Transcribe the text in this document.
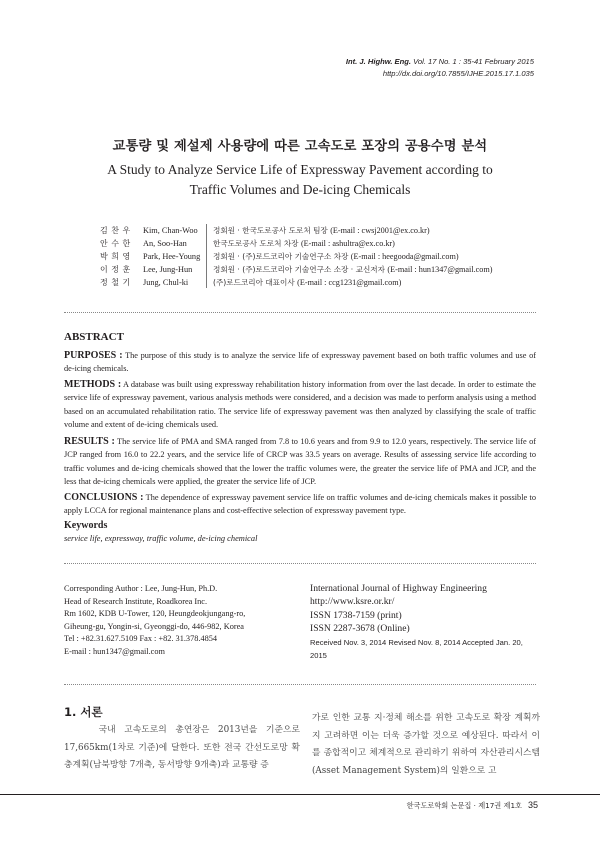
Int. J. Highw. Eng. Vol. 17 No. 1 : 35-41 February 2015
http://dx.doi.org/10.7855/IJHE.2015.17.1.035
교통량 및 제설제 사용량에 따른 고속도로 포장의 공용수명 분석
A Study to Analyze Service Life of Expressway Pavement according to
Traffic Volumes and De-icing Chemicals
김 찬 우 Kim, Chan-Woo 정회원 · 한국도로공사 도로처 팀장 (E-mail : cwsj2001@ex.co.kr)
안 수 한 An, Soo-Han	한국도로공사 도로처 차장 (E-mail : ashultra@ex.co.kr)
박 희 영 Park, Hee-Young 정회원 · (주)로드코리아 기술연구소 차장 (E-mail : heegooda@gmail.com)
이 정 훈 Lee, Jung-Hun	정회원 · (주)로드코리아 기술연구소 소장 · 교신저자 (E-mail : hun1347@gmail.com)
정 철 기 Jung, Chul-ki	(주)로드코리아 대표이사 (E-mail : ccg1231@gmail.com)
ABSTRACT
PURPOSES : The purpose of this study is to analyze the service life of expressway pavement based on both traffic volumes and use of de-icing chemicals.
METHODS : A database was built using expressway rehabilitation history information from over the last decade. In order to estimate the service life of expressway pavement, various analysis methods were considered, and a decision was made to perform analysis using a method based on an accumulated rehabilitation ratio. The service life of expressway pavement was then analyzed by classifying the scale of traffic volume and extent of de-icing chemicals used.
RESULTS : The service life of PMA and SMA ranged from 7.8 to 10.6 years and from 9.9 to 12.0 years, respectively. The service life of JCP ranged from 16.0 to 22.2 years, and the service life of CRCP was 33.5 years on average. Results of assessing service life according to traffic volumes and de-icing chemicals showed that the lower the traffic volumes were, the greater the service life of PMA and JCP, and the less that de-icing chemicals were applied, the greater the service life of JCP.
CONCLUSIONS : The dependence of expressway pavement service life on traffic volumes and de-icing chemicals makes it possible to apply LCCA for regional maintenance plans and cost-effective selection of expressway pavement type.
Keywords
service life, expressway, traffic volume, de-icing chemical
Corresponding Author : Lee, Jung-Hun, Ph.D.
Head of Research Institute, Roadkorea Inc.
Rm 1602, KDB U-Tower, 120, Heungdeokjungang-ro,
Giheung-gu, Yongin-si, Gyeonggi-do, 446-982, Korea
Tel : +82.31.627.5109 Fax : +82. 31.378.4854
E-mail : hun1347@gmail.com
International Journal of Highway Engineering
http://www.ksre.or.kr/
ISSN 1738-7159 (print)
ISSN 2287-3678 (Online)
Received Nov. 3, 2014 Revised Nov. 8, 2014 Accepted Jan. 20, 2015
1. 서론
국내 고속도로의 총연장은 2013년을 기준으로 17,665km(1차로 기준)에 달한다. 또한 전국 간선도로망 확충계획(남북방향 7개축, 동서방향 9개축)과 교통량 증
가로 인한 교통 지·정체 해소를 위한 고속도로 확장 계획까지 고려하면 이는 더욱 증가할 것으로 예상된다. 따라서 이를 종합적이고 체계적으로 관리하기 위하여 자산관리시스템(Asset Management System)의 일환으로 고
한국도로학회 논문집 · 제17권 제1호 35
